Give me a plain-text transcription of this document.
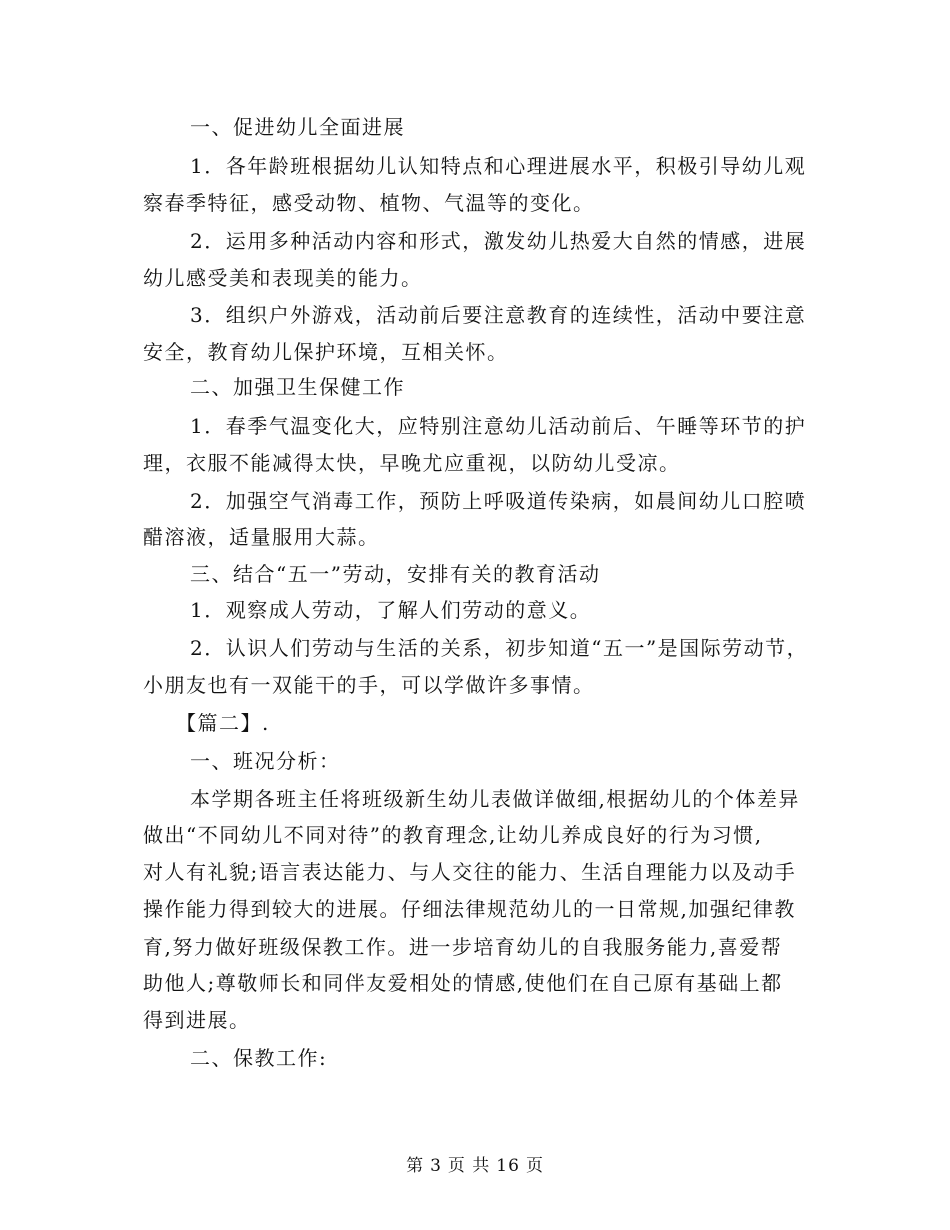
一、促进幼儿全面进展
1．各年龄班根据幼儿认知特点和心理进展水平，积极引导幼儿观
察春季特征，感受动物、植物、气温等的变化。
2．运用多种活动内容和形式，激发幼儿热爱大自然的情感，进展
幼儿感受美和表现美的能力。
3．组织户外游戏，活动前后要注意教育的连续性，活动中要注意
安全，教育幼儿保护环境，互相关怀。
二、加强卫生保健工作
1．春季气温变化大，应特别注意幼儿活动前后、午睡等环节的护
理，衣服不能减得太快，早晚尤应重视，以防幼儿受凉。
2．加强空气消毒工作，预防上呼吸道传染病，如晨间幼儿口腔喷
醋溶液，适量服用大蒜。
三、结合“五一”劳动，安排有关的教育活动
1．观察成人劳动，了解人们劳动的意义。
2．认识人们劳动与生活的关系，初步知道“五一”是国际劳动节，
小朋友也有一双能干的手，可以学做许多事情。
【篇二】.
一、班况分析：
本学期各班主任将班级新生幼儿表做详做细,根据幼儿的个体差异
做出“不同幼儿不同对待”的教育理念,让幼儿养成良好的行为习惯,
对人有礼貌;语言表达能力、与人交往的能力、生活自理能力以及动手
操作能力得到较大的进展。仔细法律规范幼儿的一日常规,加强纪律教
育,努力做好班级保教工作。进一步培育幼儿的自我服务能力,喜爱帮
助他人;尊敬师长和同伴友爱相处的情感,使他们在自己原有基础上都
得到进展。
二、保教工作:
第 3 页 共 16 页
